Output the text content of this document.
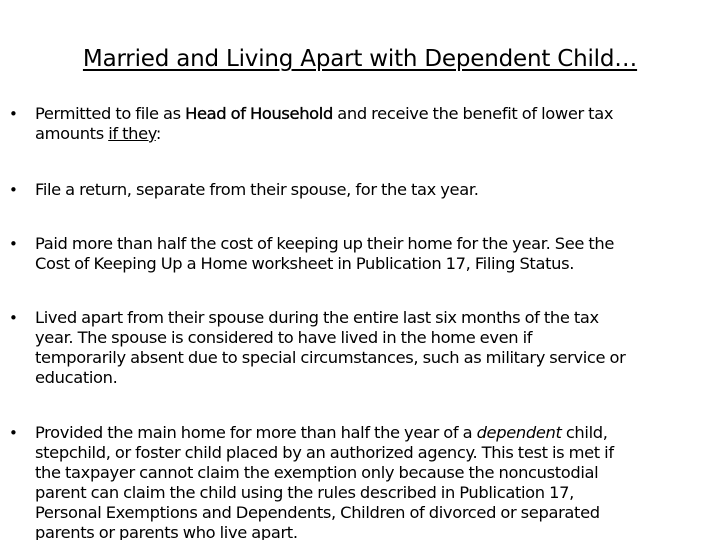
Married and Living Apart with Dependent Child…
• Permitted to file as Head of Household and receive the benefit of lower tax
amounts if they:
• File a return, separate from their spouse, for the tax year.
• Paid more than half the cost of keeping up their home for the year. See the
Cost of Keeping Up a Home worksheet in Publication 17, Filing Status.
• Lived apart from their spouse during the entire last six months of the tax
year. The spouse is considered to have lived in the home even if
temporarily absent due to special circumstances, such as military service or
education.
• Provided the main home for more than half the year of a dependent child,
stepchild, or foster child placed by an authorized agency. This test is met if
the taxpayer cannot claim the exemption only because the noncustodial
parent can claim the child using the rules described in Publication 17,
Personal Exemptions and Dependents, Children of divorced or separated
parents or parents who live apart.
